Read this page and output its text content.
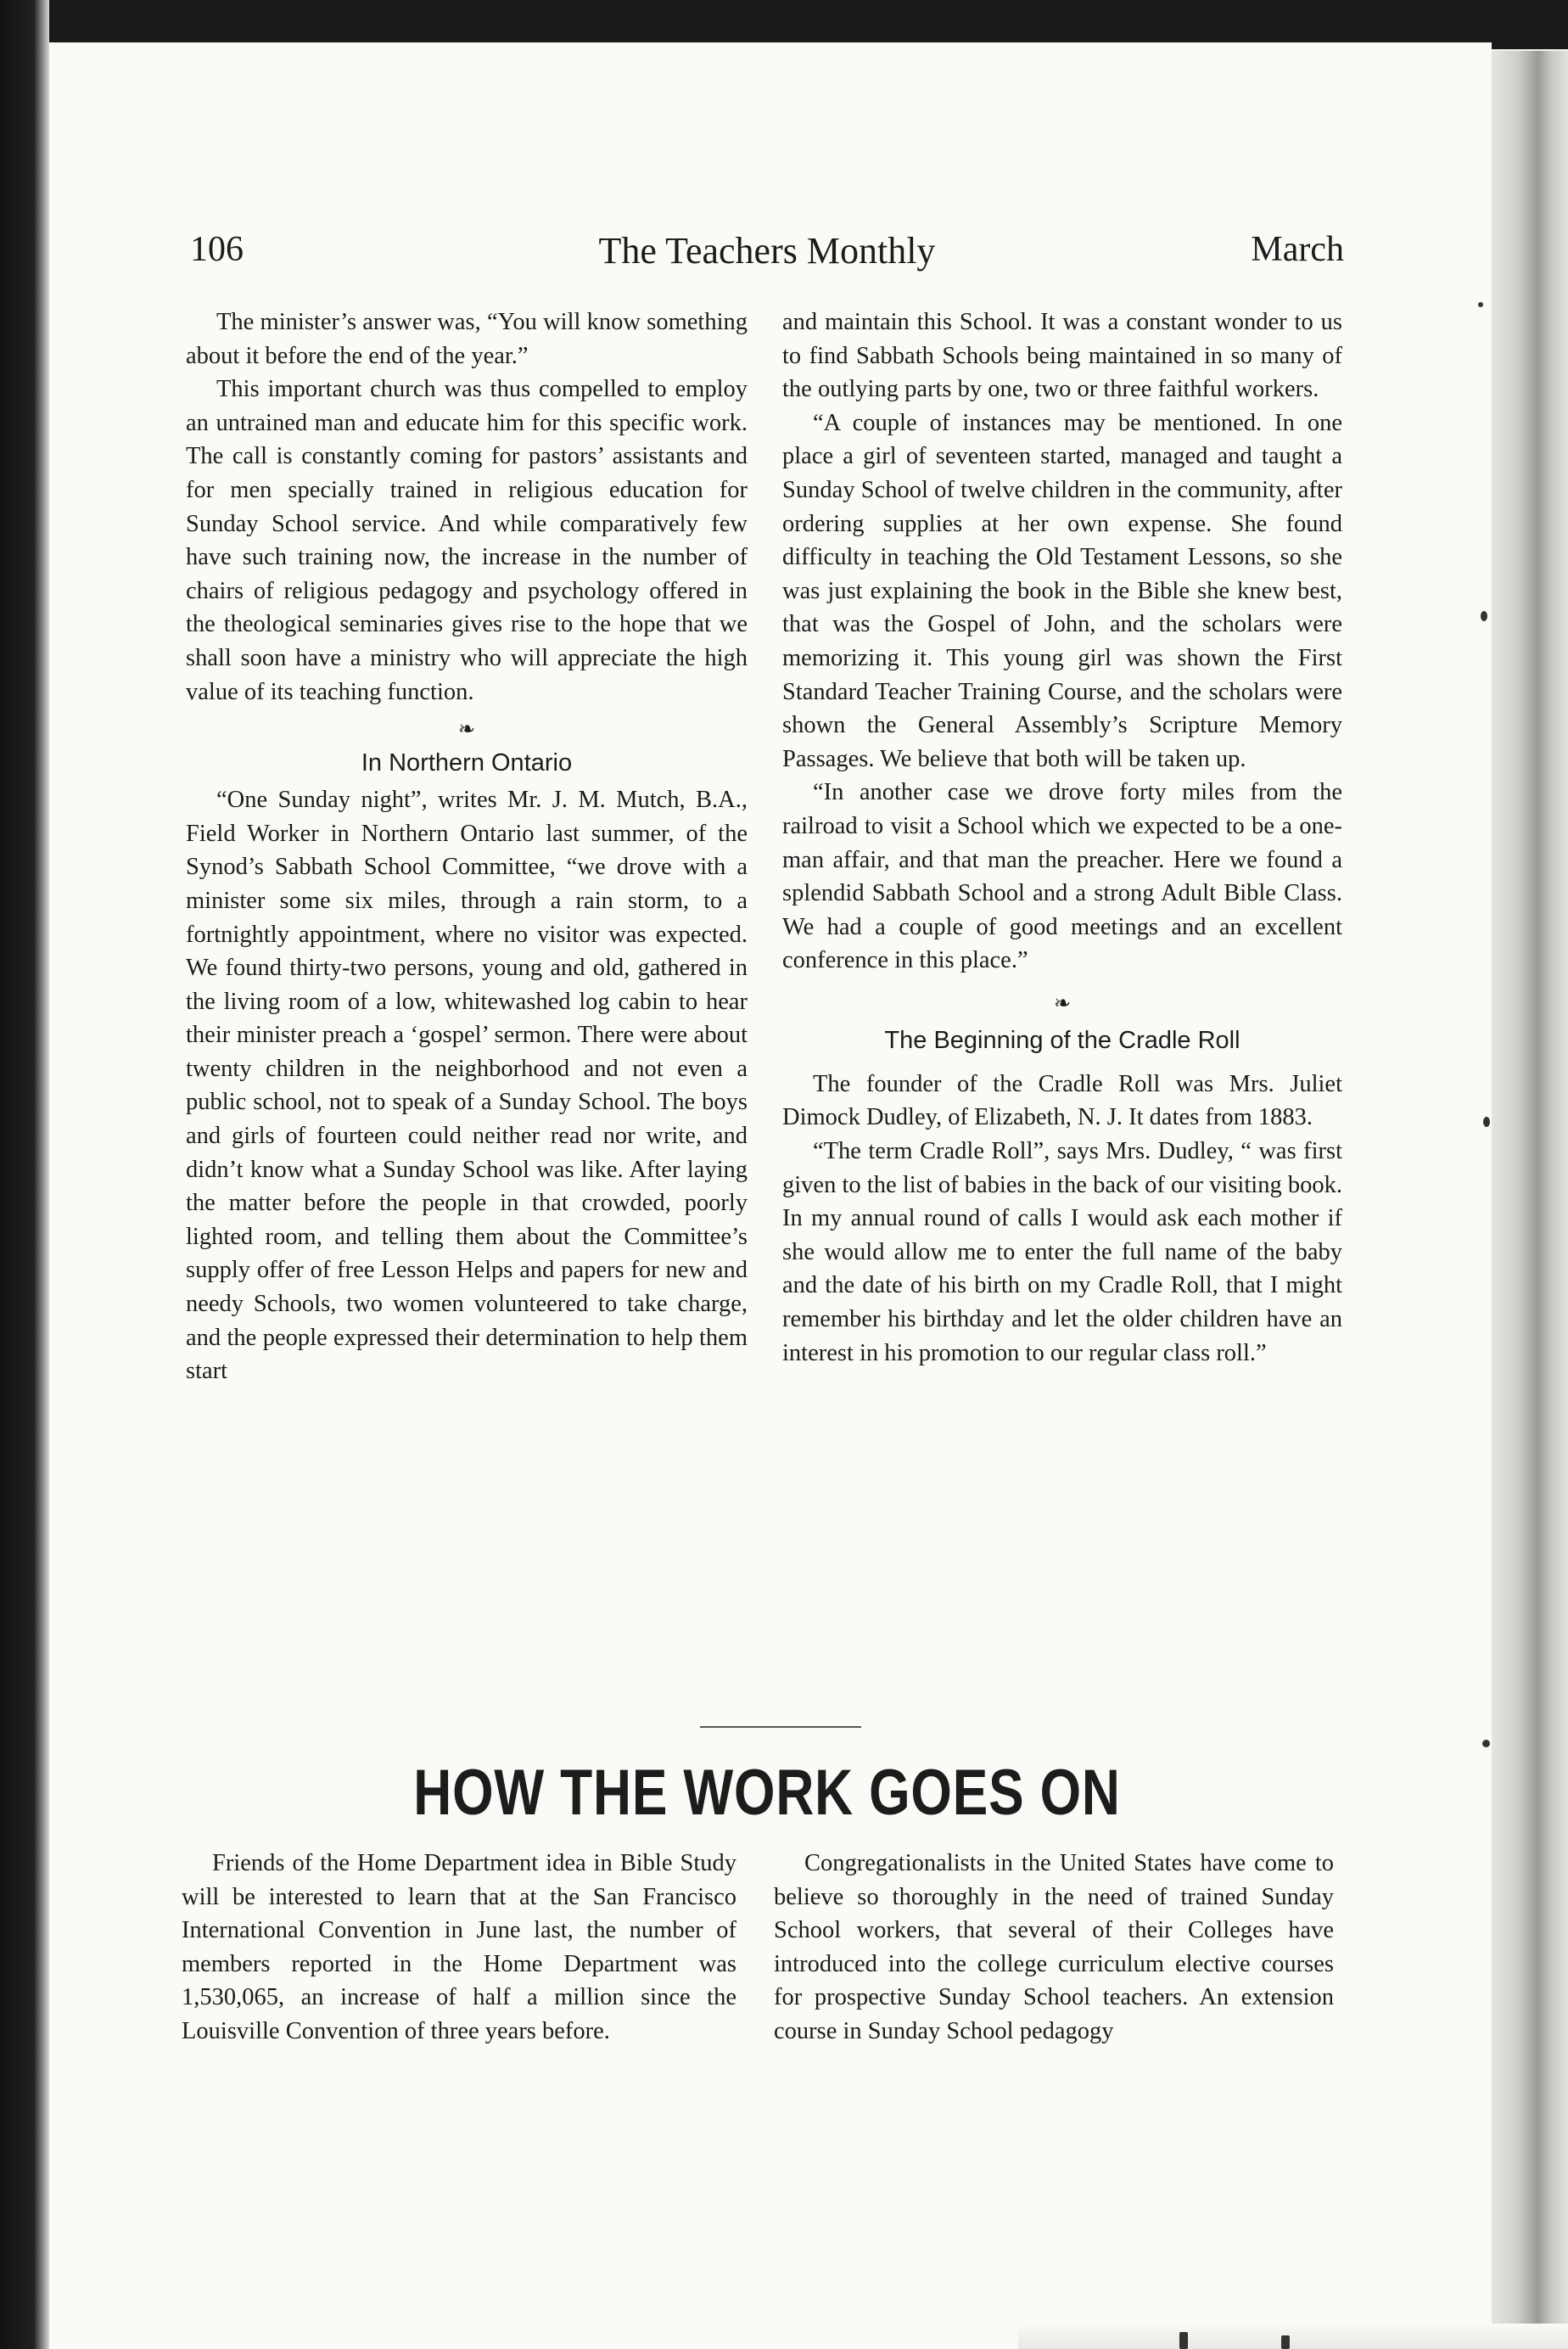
106	The Teachers Monthly	March

The minister’s answer was, “You will know something about it before the end of the year.”

This important church was thus compelled to employ an untrained man and educate him for this specific work. The call is constantly coming for pastors’ assistants and for men specially trained in religious education for Sunday School service. And while comparatively few have such training now, the increase in the number of chairs of religious pedagogy and psychology offered in the theological seminaries gives rise to the hope that we shall soon have a ministry who will appreciate the high value of its teaching function.

❧
In Northern Ontario

“One Sunday night”, writes Mr. J. M. Mutch, B.A., Field Worker in Northern Ontario last summer, of the Synod’s Sabbath School Committee, “we drove with a minister some six miles, through a rain storm, to a fortnightly appointment, where no visitor was expected. We found thirty-two persons, young and old, gathered in the living room of a low, whitewashed log cabin to hear their minister preach a ‘gospel’ sermon. There were about twenty children in the neighborhood and not even a public school, not to speak of a Sunday School. The boys and girls of fourteen could neither read nor write, and didn’t know what a Sunday School was like. After laying the matter before the people in that crowded, poorly lighted room, and telling them about the Committee’s supply offer of free Lesson Helps and papers for new and needy Schools, two women volunteered to take charge, and the people expressed their determination to help them start

and maintain this School. It was a constant wonder to us to find Sabbath Schools being maintained in so many of the outlying parts by one, two or three faithful workers.

“A couple of instances may be mentioned. In one place a girl of seventeen started, managed and taught a Sunday School of twelve children in the community, after ordering supplies at her own expense. She found difficulty in teaching the Old Testament Lessons, so she was just explaining the book in the Bible she knew best, that was the Gospel of John, and the scholars were memorizing it. This young girl was shown the First Standard Teacher Training Course, and the scholars were shown the General Assembly’s Scripture Memory Passages. We believe that both will be taken up.

“In another case we drove forty miles from the railroad to visit a School which we expected to be a one-man affair, and that man the preacher. Here we found a splendid Sabbath School and a strong Adult Bible Class. We had a couple of good meetings and an excellent conference in this place.”

❧
The Beginning of the Cradle Roll

The founder of the Cradle Roll was Mrs. Juliet Dimock Dudley, of Elizabeth, N. J. It dates from 1883.

“The term Cradle Roll”, says Mrs. Dudley, “ was first given to the list of babies in the back of our visiting book. In my annual round of calls I would ask each mother if she would allow me to enter the full name of the baby and the date of his birth on my Cradle Roll, that I might remember his birthday and let the older children have an interest in his promotion to our regular class roll.”

HOW THE WORK GOES ON

Friends of the Home Department idea in Bible Study will be interested to learn that at the San Francisco International Convention in June last, the number of members reported in the Home Department was 1,530,065, an increase of half a million since the Louisville Convention of three years before.

Congregationalists in the United States have come to believe so thoroughly in the need of trained Sunday School workers, that several of their Colleges have introduced into the college curriculum elective courses for prospective Sunday School teachers. An extension course in Sunday School pedagogy
